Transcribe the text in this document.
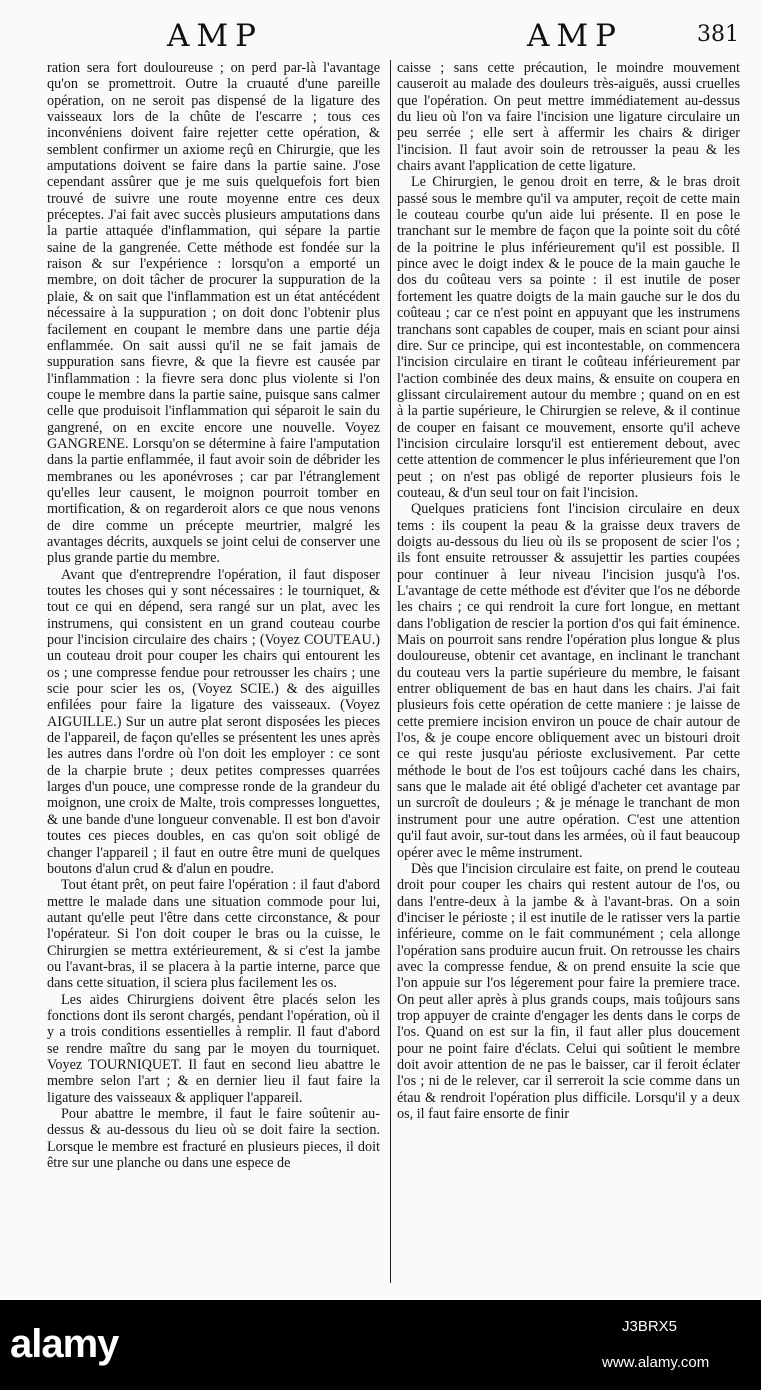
AMP	AMP	381

ration sera fort douloureuse ; on perd par-là l'avantage qu'on se promettroit. Outre la cruauté d'une pareille opération, on ne seroit pas dispensé de la ligature des vaisseaux lors de la chûte de l'escarre ; tous ces inconvéniens doivent faire rejetter cette opération, & semblent confirmer un axiome reçû en Chirurgie, que les amputations doivent se faire dans la partie saine. J'ose cependant assûrer que je me suis quelquefois fort bien trouvé de suivre une route moyenne entre ces deux préceptes. J'ai fait avec succès plusieurs amputations dans la partie attaquée d'inflammation, qui sépare la partie saine de la gangrenée. Cette méthode est fondée sur la raison & sur l'expérience : lorsqu'on a emporté un membre, on doit tâcher de procurer la suppuration de la plaie, & on sait que l'inflammation est un état antécédent nécessaire à la suppuration ; on doit donc l'obtenir plus facilement en coupant le membre dans une partie déja enflammée. On sait aussi qu'il ne se fait jamais de suppuration sans fievre, & que la fievre est causée par l'inflammation : la fievre sera donc plus violente si l'on coupe le membre dans la partie saine, puisque sans calmer celle que produisoit l'inflammation qui séparoit le sain du gangrené, on en excite encore une nouvelle. Voyez GANGRENE. Lorsqu'on se détermine à faire l'amputation dans la partie enflammée, il faut avoir soin de débrider les membranes ou les aponévroses ; car par l'étranglement qu'elles leur causent, le moignon pourroit tomber en mortification, & on regarderoit alors ce que nous venons de dire comme un précepte meurtrier, malgré les avantages décrits, auxquels se joint celui de conserver une plus grande partie du membre.

Avant que d'entreprendre l'opération, il faut disposer toutes les choses qui y sont nécessaires : le tourniquet, & tout ce qui en dépend, sera rangé sur un plat, avec les instrumens, qui consistent en un grand couteau courbe pour l'incision circulaire des chairs ; (Voyez COUTEAU.) un couteau droit pour couper les chairs qui entourent les os ; une compresse fendue pour retrousser les chairs ; une scie pour scier les os, (Voyez SCIE.) & des aiguilles enfilées pour faire la ligature des vaisseaux. (Voyez AIGUILLE.) Sur un autre plat seront disposées les pieces de l'appareil, de façon qu'elles se présentent les unes après les autres dans l'ordre où l'on doit les employer : ce sont de la charpie brute ; deux petites compresses quarrées larges d'un pouce, une compresse ronde de la grandeur du moignon, une croix de Malte, trois compresses longuettes, & une bande d'une longueur convenable. Il est bon d'avoir toutes ces pieces doubles, en cas qu'on soit obligé de changer l'appareil ; il faut en outre être muni de quelques boutons d'alun crud & d'alun en poudre.

Tout étant prêt, on peut faire l'opération : il faut d'abord mettre le malade dans une situation commode pour lui, autant qu'elle peut l'être dans cette circonstance, & pour l'opérateur. Si l'on doit couper le bras ou la cuisse, le Chirurgien se mettra extérieurement, & si c'est la jambe ou l'avant-bras, il se placera à la partie interne, parce que dans cette situation, il sciera plus facilement les os.

Les aides Chirurgiens doivent être placés selon les fonctions dont ils seront chargés, pendant l'opération, où il y a trois conditions essentielles à remplir. Il faut d'abord se rendre maître du sang par le moyen du tourniquet. Voyez TOURNIQUET. Il faut en second lieu abattre le membre selon l'art ; & en dernier lieu il faut faire la ligature des vaisseaux & appliquer l'appareil.

Pour abattre le membre, il faut le faire soûtenir au-dessus & au-dessous du lieu où se doit faire la section. Lorsque le membre est fracturé en plusieurs pieces, il doit être sur une planche ou dans une espece de

caisse ; sans cette précaution, le moindre mouvement causeroit au malade des douleurs très-aiguës, aussi cruelles que l'opération. On peut mettre immédiatement au-dessus du lieu où l'on va faire l'incision une ligature circulaire un peu serrée ; elle sert à affermir les chairs & diriger l'incision. Il faut avoir soin de retrousser la peau & les chairs avant l'application de cette ligature.

Le Chirurgien, le genou droit en terre, & le bras droit passé sous le membre qu'il va amputer, reçoit de cette main le couteau courbe qu'un aide lui présente. Il en pose le tranchant sur le membre de façon que la pointe soit du côté de la poitrine le plus inférieurement qu'il est possible. Il pince avec le doigt index & le pouce de la main gauche le dos du coûteau vers sa pointe : il est inutile de poser fortement les quatre doigts de la main gauche sur le dos du coûteau ; car ce n'est point en appuyant que les instrumens tranchans sont capables de couper, mais en sciant pour ainsi dire. Sur ce principe, qui est incontestable, on commencera l'incision circulaire en tirant le coûteau inférieurement par l'action combinée des deux mains, & ensuite on coupera en glissant circulairement autour du membre ; quand on en est à la partie supérieure, le Chirurgien se releve, & il continue de couper en faisant ce mouvement, ensorte qu'il acheve l'incision circulaire lorsqu'il est entierement debout, avec cette attention de commencer le plus inférieurement que l'on peut ; on n'est pas obligé de reporter plusieurs fois le couteau, & d'un seul tour on fait l'incision.

Quelques praticiens font l'incision circulaire en deux tems : ils coupent la peau & la graisse deux travers de doigts au-dessous du lieu où ils se proposent de scier l'os ; ils font ensuite retrousser & assujettir les parties coupées pour continuer à leur niveau l'incision jusqu'à l'os. L'avantage de cette méthode est d'éviter que l'os ne déborde les chairs ; ce qui rendroit la cure fort longue, en mettant dans l'obligation de rescier la portion d'os qui fait éminence. Mais on pourroit sans rendre l'opération plus longue & plus douloureuse, obtenir cet avantage, en inclinant le tranchant du couteau vers la partie supérieure du membre, le faisant entrer obliquement de bas en haut dans les chairs. J'ai fait plusieurs fois cette opération de cette maniere : je laisse de cette premiere incision environ un pouce de chair autour de l'os, & je coupe encore obliquement avec un bistouri droit ce qui reste jusqu'au périoste exclusivement. Par cette méthode le bout de l'os est toûjours caché dans les chairs, sans que le malade ait été obligé d'acheter cet avantage par un surcroît de douleurs ; & je ménage le tranchant de mon instrument pour une autre opération. C'est une attention qu'il faut avoir, sur-tout dans les armées, où il faut beaucoup opérer avec le même instrument.

Dès que l'incision circulaire est faite, on prend le couteau droit pour couper les chairs qui restent autour de l'os, ou dans l'entre-deux à la jambe & à l'avant-bras. On a soin d'inciser le périoste ; il est inutile de le ratisser vers la partie inférieure, comme on le fait communément ; cela allonge l'opération sans produire aucun fruit. On retrousse les chairs avec la compresse fendue, & on prend ensuite la scie que l'on appuie sur l'os légerement pour faire la premiere trace. On peut aller après à plus grands coups, mais toûjours sans trop appuyer de crainte d'engager les dents dans le corps de l'os. Quand on est sur la fin, il faut aller plus doucement pour ne point faire d'éclats. Celui qui soûtient le membre doit avoir attention de ne pas le baisser, car il feroit éclater l'os ; ni de le relever, car il serreroit la scie comme dans un étau & rendroit l'opération plus difficile. Lorsqu'il y a deux os, il faut faire ensorte de finir

alamy	J3BRX5
www.alamy.com
